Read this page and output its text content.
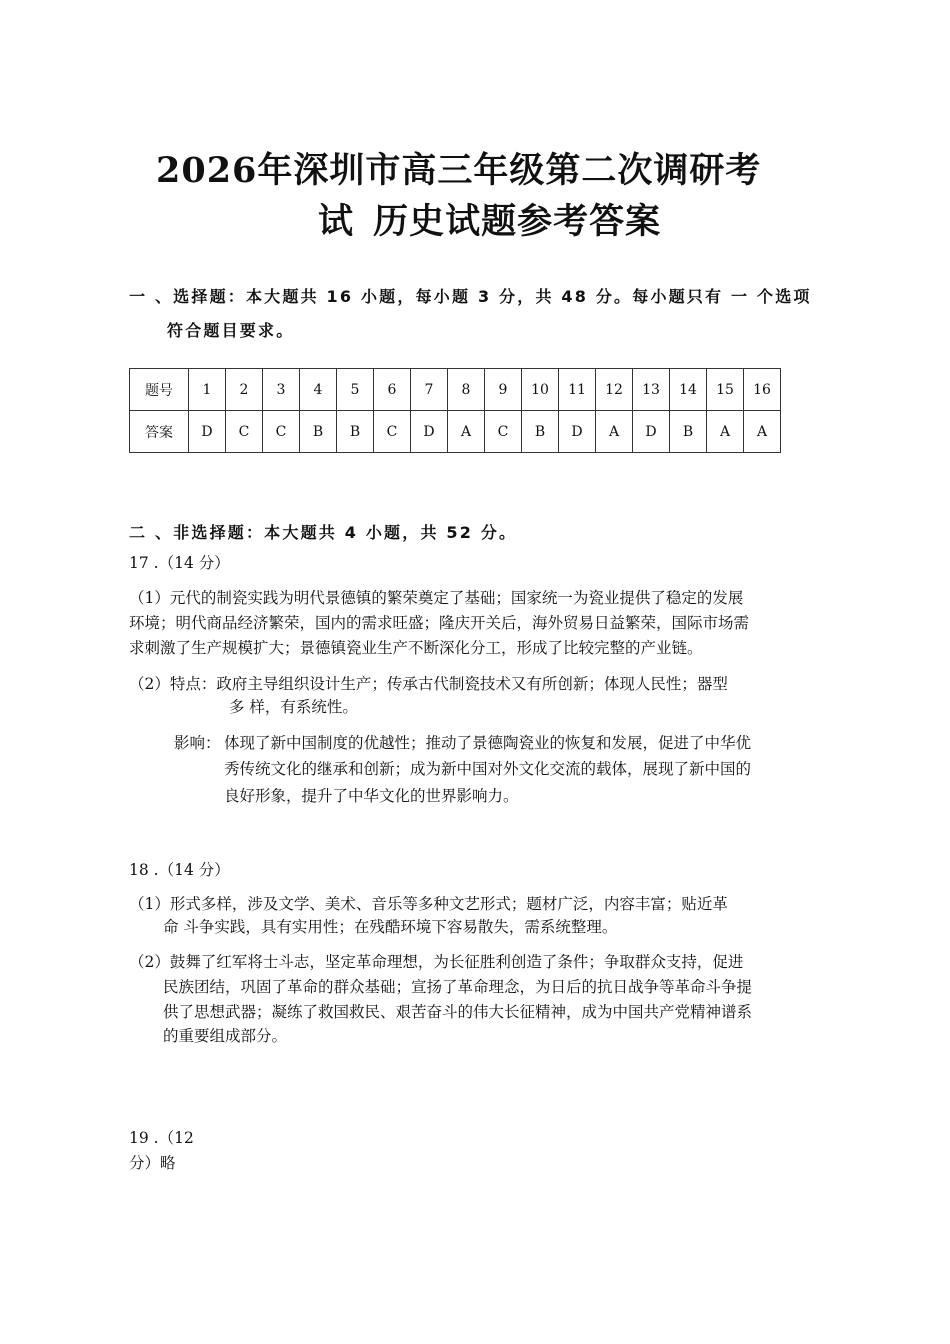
2026年深圳市高三年级第二次调研考
试 历史试题参考答案
一 、选择题：本大题共 16 小题，每小题 3 分，共 48 分。每小题只有 一 个选项
符合题目要求。
题号	1	2	3	4	5	6	7	8	9	10	11	12	13	14	15	16
答案	D	C	C	B	B	C	D	A	C	B	D	A	D	B	A	A
二 、非选择题：本大题共 4 小题，共 52 分。
17 .（14 分）
（1）元代的制瓷实践为明代景德镇的繁荣奠定了基础；国家统一为瓷业提供了稳定的发展
环境；明代商品经济繁荣，国内的需求旺盛；隆庆开关后，海外贸易日益繁荣，国际市场需
求刺激了生产规模扩大；景德镇瓷业生产不断深化分工，形成了比较完整的产业链。
（2）特点：政府主导组织设计生产；传承古代制瓷技术又有所创新；体现人民性；器型
多 样，有系统性。
影响： 体现了新中国制度的优越性；推动了景德陶瓷业的恢复和发展，促进了中华优
秀传统文化的继承和创新；成为新中国对外文化交流的载体，展现了新中国的
良好形象，提升了中华文化的世界影响力。
18 .（14 分）
（1）形式多样，涉及文学、美术、音乐等多种文艺形式；题材广泛，内容丰富；贴近革
命 斗争实践，具有实用性；在残酷环境下容易散失，需系统整理。
（2）鼓舞了红军将士斗志，坚定革命理想，为长征胜利创造了条件；争取群众支持，促进
民族团结，巩固了革命的群众基础；宣扬了革命理念，为日后的抗日战争等革命斗争提
供了思想武器；凝练了救国救民、艰苦奋斗的伟大长征精神，成为中国共产党精神谱系
的重要组成部分。
19 .（12
分）略
